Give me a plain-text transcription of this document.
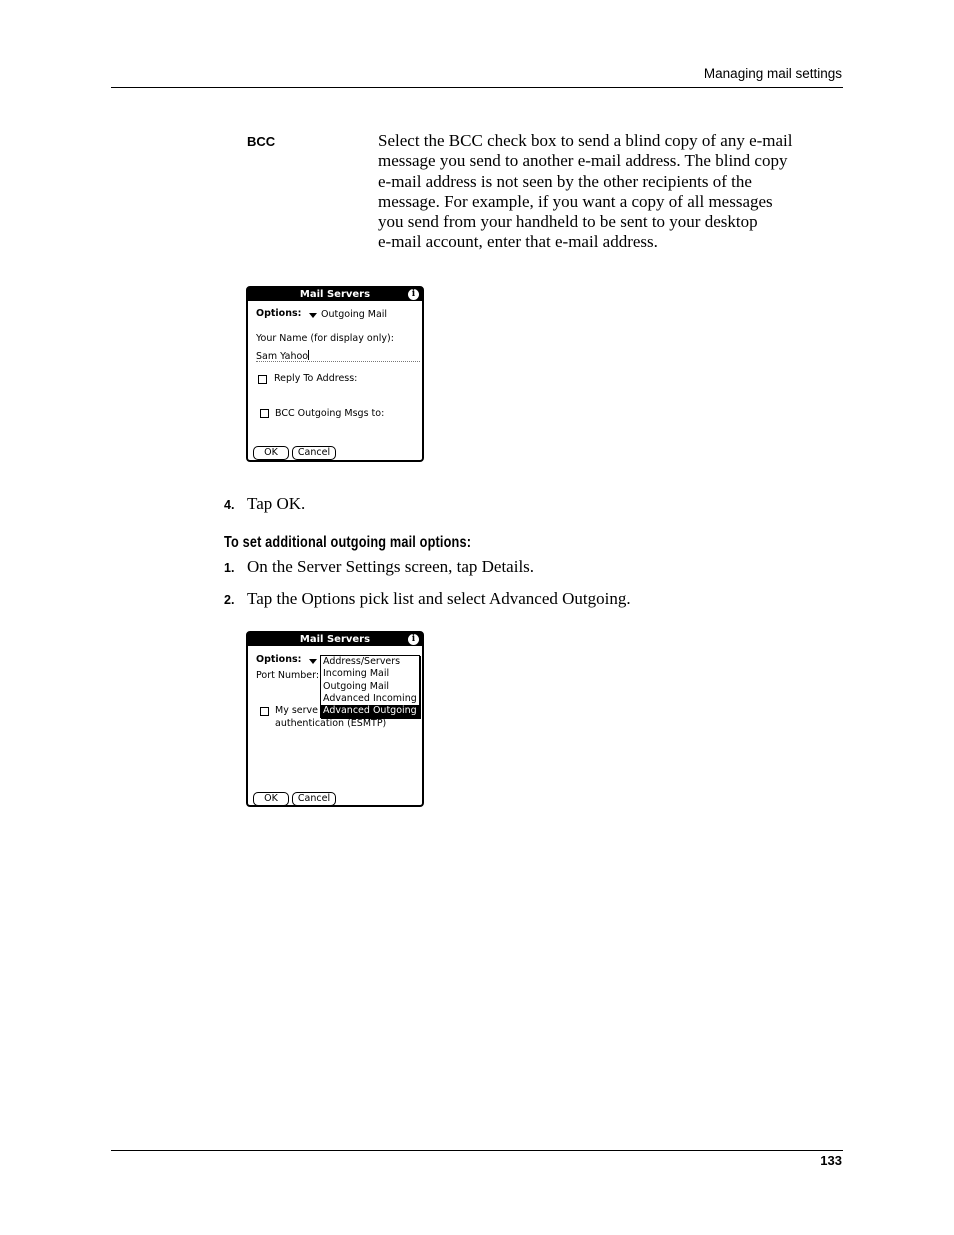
Managing mail settings
BCC	Select the BCC check box to send a blind copy of any e-mail
message you send to another e-mail address. The blind copy
e-mail address is not seen by the other recipients of the
message. For example, if you want a copy of all messages
you send from your handheld to be sent to your desktop
e-mail account, enter that e-mail address.
Mail Servers	i
Options: Outgoing Mail
Your Name (for display only):
Sam Yahoo
Reply To Address:
BCC Outgoing Msgs to:
OK	Cancel
4. Tap OK.
To set additional outgoing mail options:
1. On the Server Settings screen, tap Details.
2. Tap the Options pick list and select Advanced Outgoing.
Mail Servers	i
Options:
Port Number:
My serve
authentication (ESMTP)
Address/Servers
Incoming Mail
Outgoing Mail
Advanced Incoming
Advanced Outgoing
OK	Cancel
133
